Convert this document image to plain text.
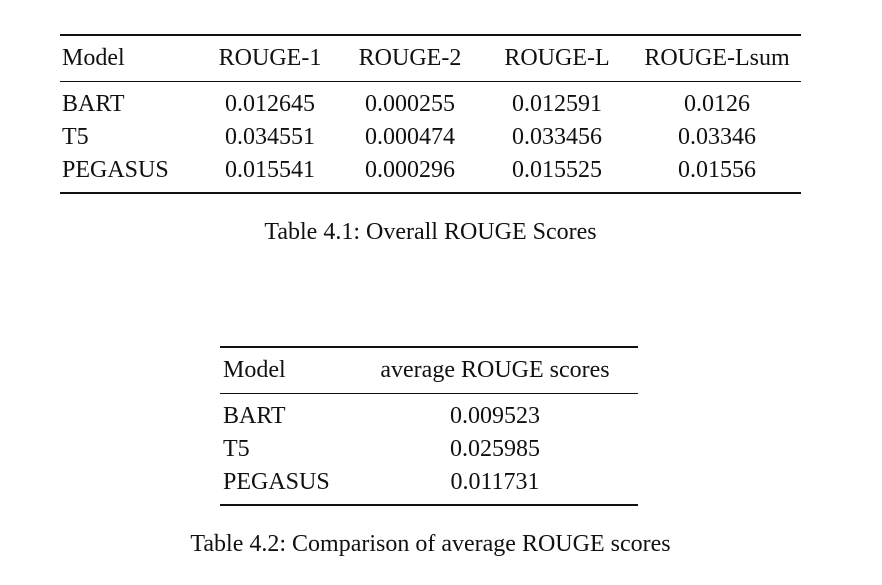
Model	ROUGE-1	ROUGE-2	ROUGE-L	ROUGE-Lsum
BART	0.012645	0.000255	0.012591	0.0126
T5	0.034551	0.000474	0.033456	0.03346
PEGASUS	0.015541	0.000296	0.015525	0.01556
Table 4.1: Overall ROUGE Scores
Model	average ROUGE scores
BART	0.009523
T5	0.025985
PEGASUS	0.011731
Table 4.2: Comparison of average ROUGE scores
